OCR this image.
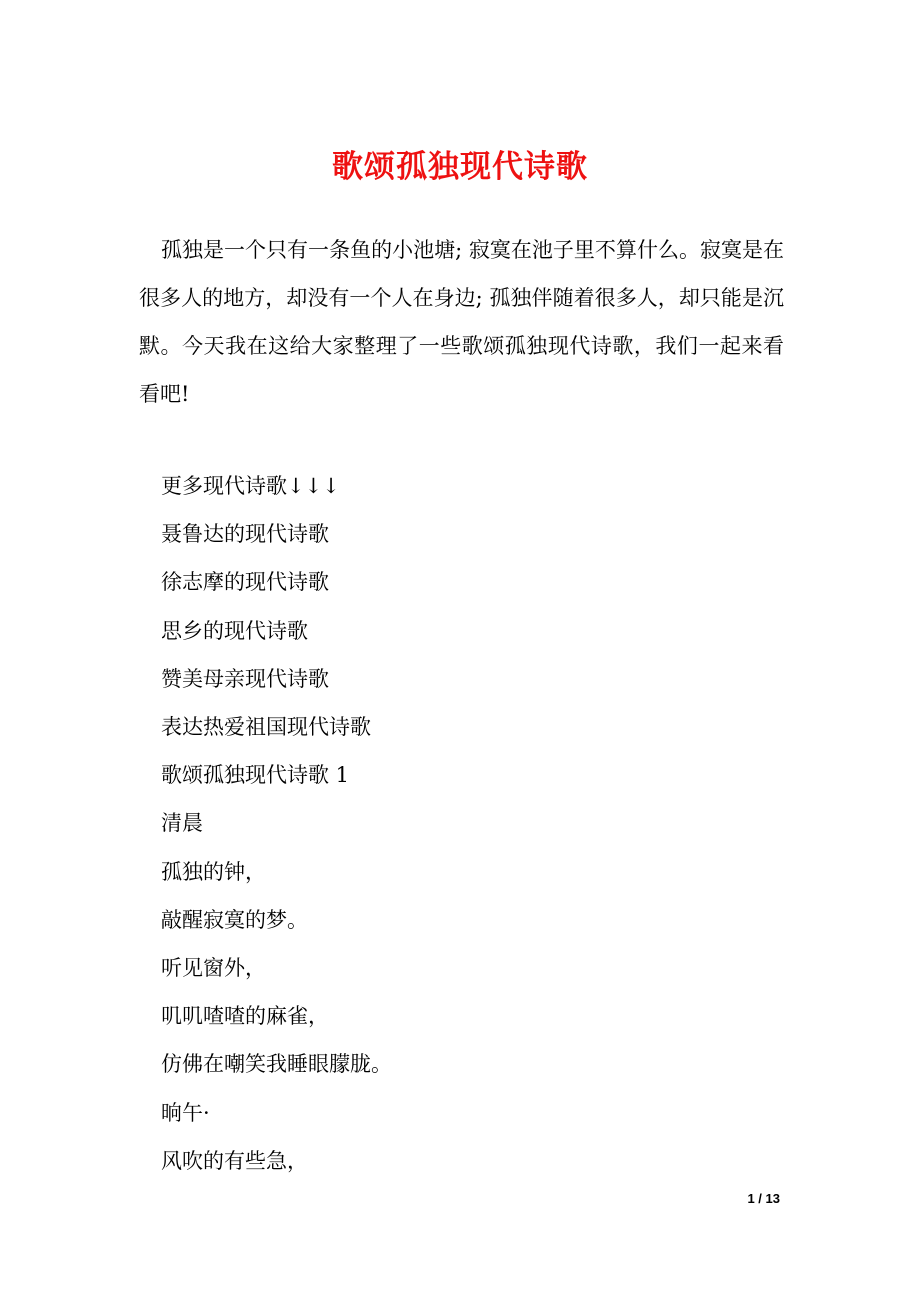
歌颂孤独现代诗歌

孤独是一个只有一条鱼的小池塘; 寂寞在池子里不算什么。寂寞是在很多人的地方，却没有一个人在身边; 孤独伴随着很多人，却只能是沉默。今天我在这给大家整理了一些歌颂孤独现代诗歌，我们一起来看看吧!

更多现代诗歌↓↓↓
聂鲁达的现代诗歌
徐志摩的现代诗歌
思乡的现代诗歌
赞美母亲现代诗歌
表达热爱祖国现代诗歌
歌颂孤独现代诗歌 1
清晨
孤独的钟，
敲醒寂寞的梦。
听见窗外，
叽叽喳喳的麻雀，
仿佛在嘲笑我睡眼朦胧。
晌午·
风吹的有些急，
1 / 13
